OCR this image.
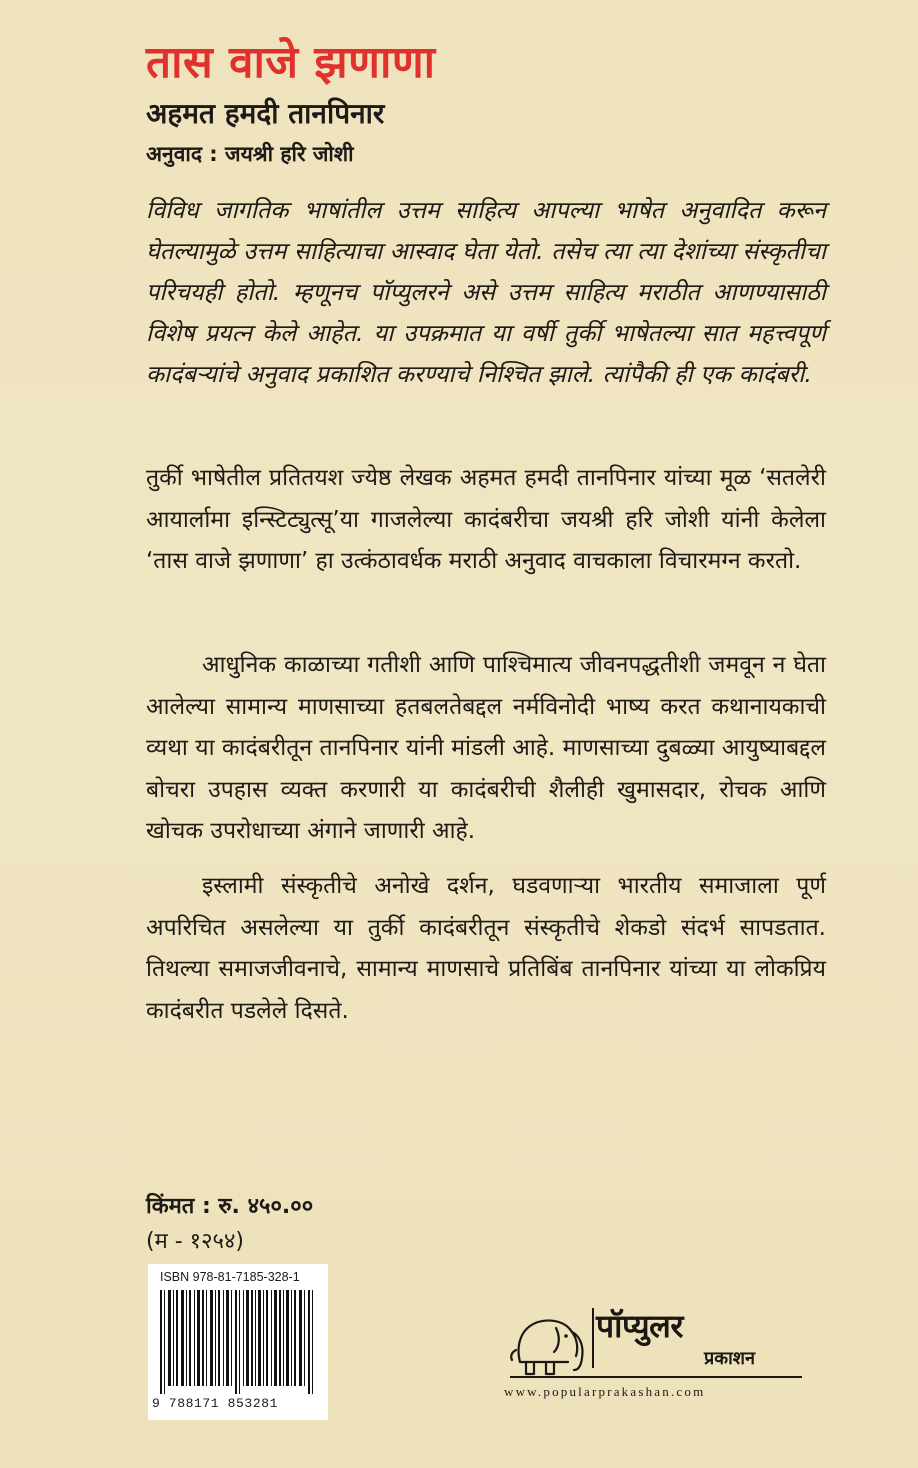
तास वाजे झणाणा
अहमत हमदी तानपिनार
अनुवाद : जयश्री हरि जोशी
विविध जागतिक भाषांतील उत्तम साहित्य आपल्या भाषेत अनुवादित करून घेतल्यामुळे उत्तम साहित्याचा आस्वाद घेता येतो. तसेच त्या त्या देशांच्या संस्कृतीचा परिचयही होतो. म्हणूनच पॉप्युलरने असे उत्तम साहित्य मराठीत आणण्यासाठी विशेष प्रयत्न केले आहेत. या उपक्रमात या वर्षी तुर्की भाषेतल्या सात महत्त्वपूर्ण कादंबऱ्यांचे अनुवाद प्रकाशित करण्याचे निश्चित झाले. त्यांपैकी ही एक कादंबरी.
तुर्की भाषेतील प्रतितयश ज्येष्ठ लेखक अहमत हमदी तानपिनार यांच्या मूळ ‘सतलेरी आयार्लामा इन्स्टिट्युत्सू’या गाजलेल्या कादंबरीचा जयश्री हरि जोशी यांनी केलेला ‘तास वाजे झणाणा’ हा उत्कंठावर्धक मराठी अनुवाद वाचकाला विचारमग्न करतो.
आधुनिक काळाच्या गतीशी आणि पाश्चिमात्य जीवनपद्धतीशी जमवून न घेता आलेल्या सामान्य माणसाच्या हतबलतेबद्दल नर्मविनोदी भाष्य करत कथानायकाची व्यथा या कादंबरीतून तानपिनार यांनी मांडली आहे. माणसाच्या दुबळ्या आयुष्याबद्दल बोचरा उपहास व्यक्त करणारी या कादंबरीची शैलीही खुमासदार, रोचक आणि खोचक उपरोधाच्या अंगाने जाणारी आहे.
इस्लामी संस्कृतीचे अनोखे दर्शन, घडवणाऱ्या भारतीय समाजाला पूर्ण अपरिचित असलेल्या या तुर्की कादंबरीतून संस्कृतीचे शेकडो संदर्भ सापडतात. तिथल्या समाजजीवनाचे, सामान्य माणसाचे प्रतिबिंब तानपिनार यांच्या या लोकप्रिय कादंबरीत पडलेले दिसते.
किंमत : रु. ४५०.००
(म - १२५४)
ISBN 978-81-7185-328-1
9 788171 853281
पॉप्युलर
प्रकाशन
www.popularprakashan.com
